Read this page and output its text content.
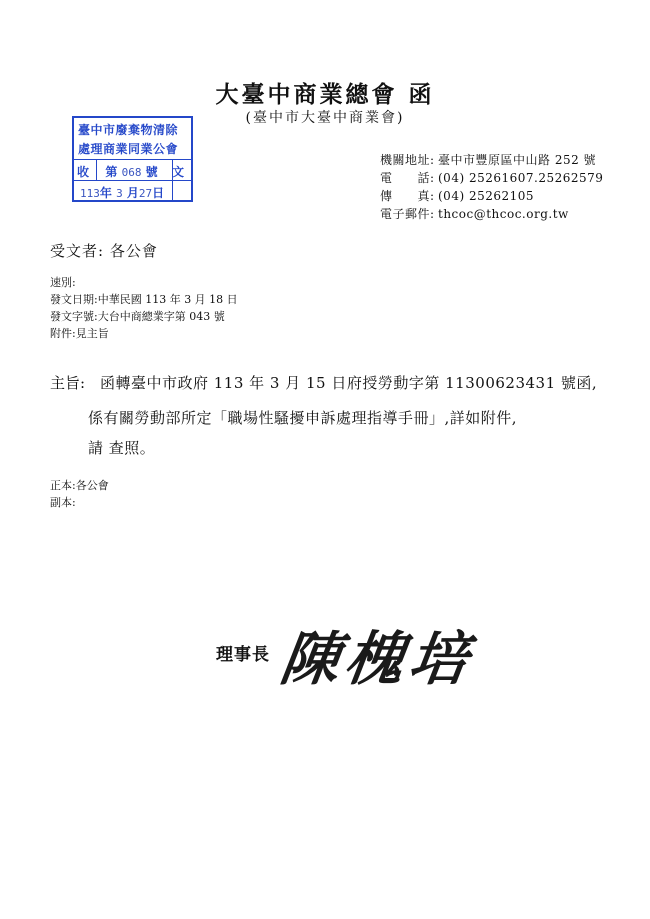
大臺中商業總會 函
(臺中市大臺中商業會)
臺中市廢棄物清除
處理商業同業公會
收 第 068 號 文
113年 3 月27日
機關地址: 臺中市豐原區中山路 252 號
電　　話: (04) 25261607.25262579
傳　　真: (04) 25262105
電子郵件: thcoc@thcoc.org.tw
受文者: 各公會
速別:
發文日期:中華民國 113 年 3 月 18 日
發文字號:大台中商總業字第 043 號
附件:見主旨
主旨: 函轉臺中市政府 113 年 3 月 15 日府授勞動字第 11300623431 號函,
係有關勞動部所定「職場性騷擾申訴處理指導手冊」,詳如附件,
請 查照。
正本:各公會
副本:
理事長 陳槐培
